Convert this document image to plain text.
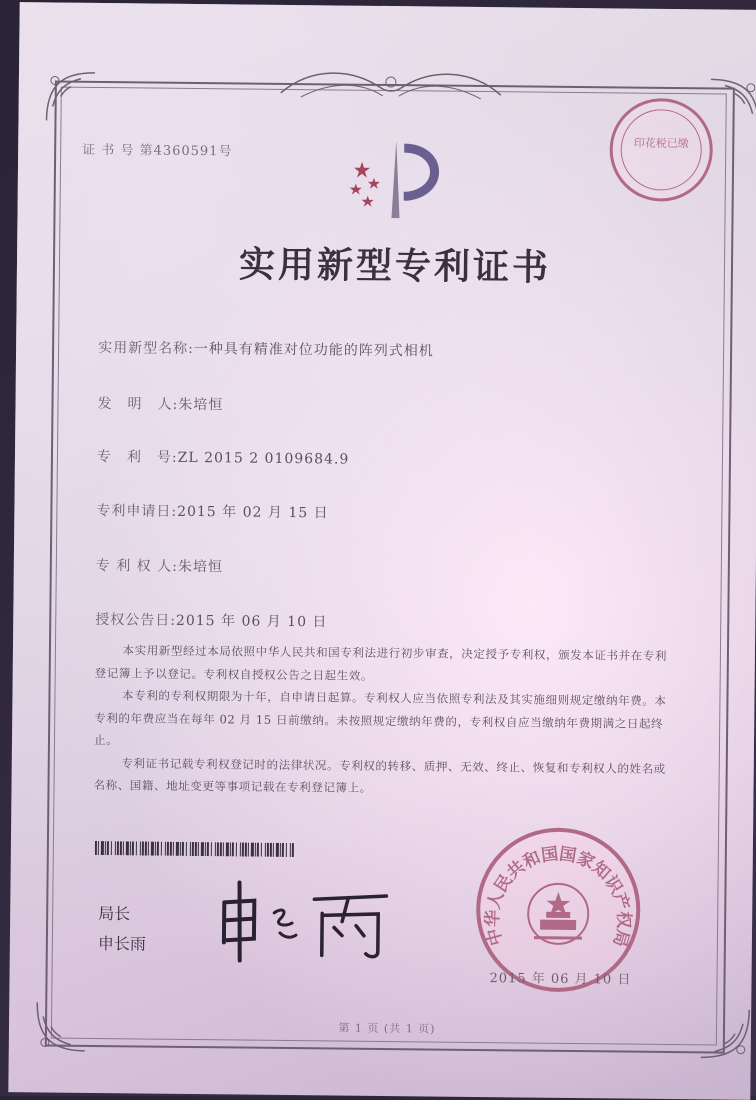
证 书 号 第4360591号
实用新型专利证书
实用新型名称:一种具有精准对位功能的阵列式相机
发　明　人:朱培恒
专　利　号:ZL 2015 2 0109684.9
专利申请日:2015 年 02 月 15 日
专 利 权 人:朱培恒
授权公告日:2015 年 06 月 10 日

本实用新型经过本局依照中华人民共和国专利法进行初步审查，决定授予专利权，颁发本证书并在专利登记簿上予以登记。专利权自授权公告之日起生效。

本专利的专利权期限为十年，自申请日起算。专利权人应当依照专利法及其实施细则规定缴纳年费。本专利的年费应当在每年 02 月 15 日前缴纳。未按照规定缴纳年费的，专利权自应当缴纳年费期满之日起终止。

专利证书记载专利权登记时的法律状况。专利权的转移、质押、无效、终止、恢复和专利权人的姓名或名称、国籍、地址变更等事项记载在专利登记簿上。

局长
申长雨
印花税已缴
中华人民共和国国家知识产权局
2015 年 06 月 10 日
第 1 页 (共 1 页)
